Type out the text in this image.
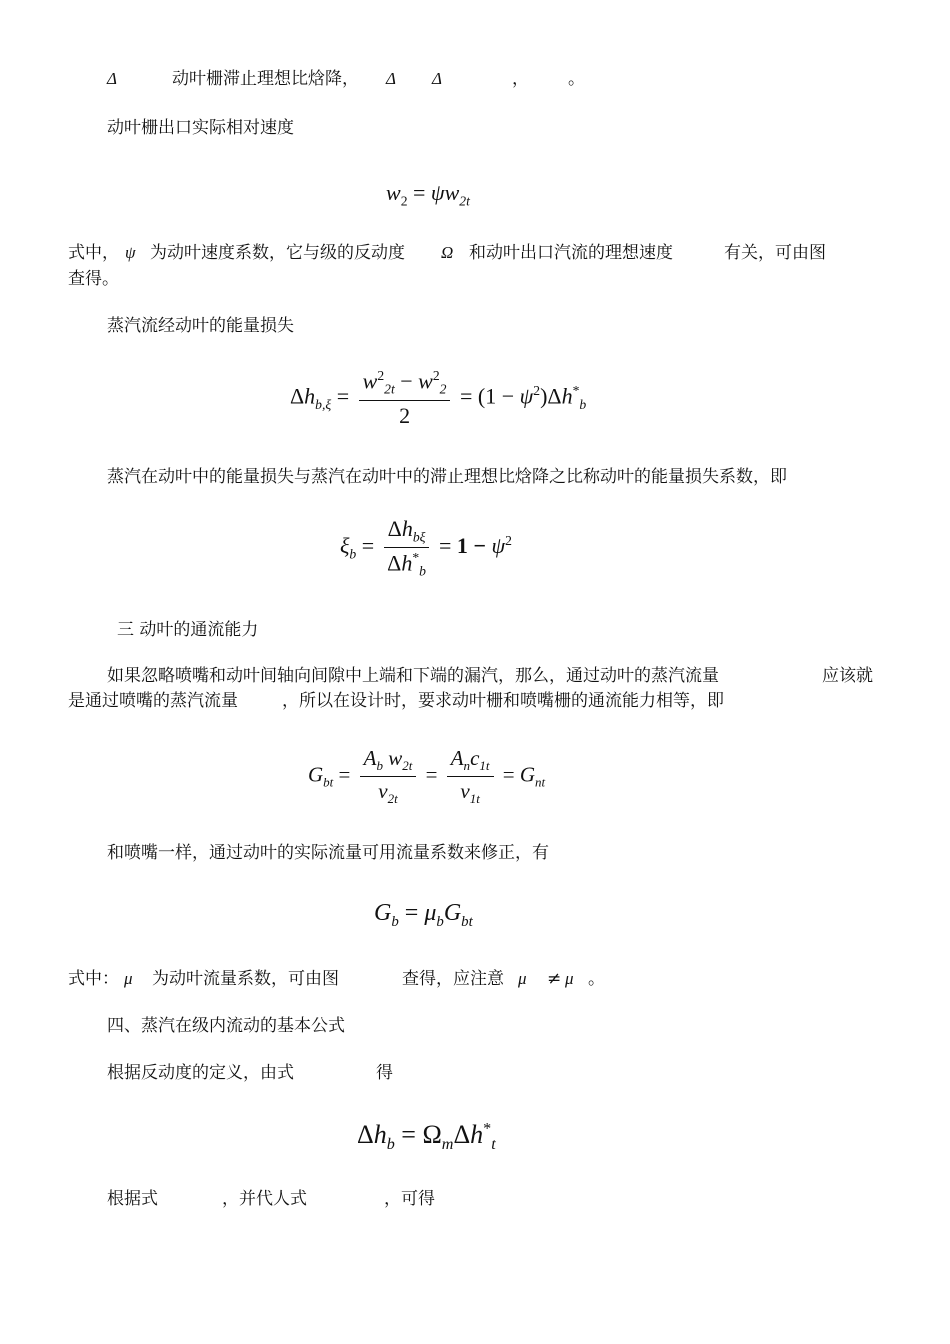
Δ	动叶栅滞止理想比焓降， Δ Δ	， 。
动叶栅出口实际相对速度
$w_2 = \psi w_{2t}$
式中， ψ 为动叶速度系数，它与级的反动度 Ω 和动叶出口汽流的理想速度	有关，可由图
查得。
蒸汽流经动叶的能量损失
$\Delta h_{b,\xi} = \frac{w^2_{2t} - w^2_2}{2} = (1 - \psi^2)\Delta h^*_b$
蒸汽在动叶中的能量损失与蒸汽在动叶中的滞止理想比焓降之比称动叶的能量损失系数，即
$\xi_b = \frac{\Delta h_{b\xi}}{\Delta h^*_b} = 1 - \psi^2$
三 动叶的通流能力
如果忽略喷嘴和动叶间轴向间隙中上端和下端的漏汽，那么，通过动叶的蒸汽流量	应该就
是通过喷嘴的蒸汽流量	，所以在设计时，要求动叶栅和喷嘴栅的通流能力相等，即
$G_{bt} = \frac{A_b w_{2t}}{v_{2t}} = \frac{A_nc_{1t}}{v_{1t}} = G_{nt}$
和喷嘴一样，通过动叶的实际流量可用流量系数来修正，有
$G_b = \mu_bG_{bt}$
式中： μ 为动叶流量系数，可由图	查得，应注意 μ ≠ μ 。
四、蒸汽在级内流动的基本公式
根据反动度的定义，由式	得
$\Delta h_b = \Omega_m\Delta h^*_t$
根据式	，并代人式	，可得
